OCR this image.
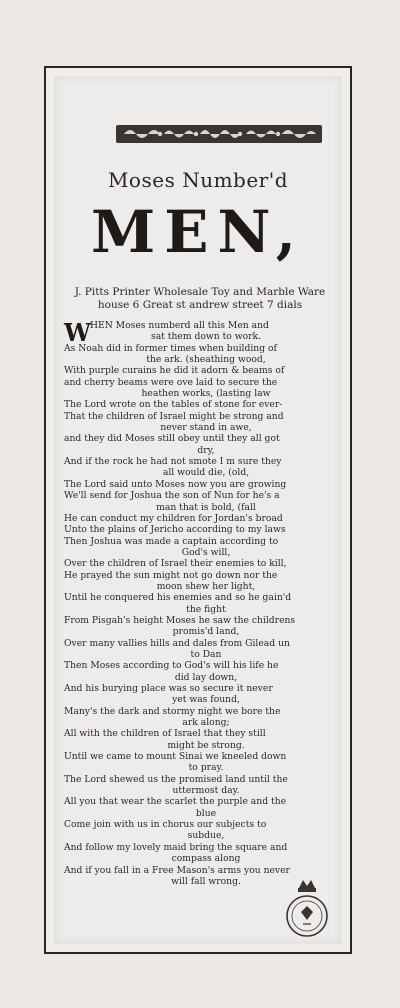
Moses Number'd
MEN,
J. Pitts Printer Wholesale Toy and Marble Ware
house 6 Great st andrew street 7 dials
W HEN Moses numberd all this Men and
sat them down to work.
As Noah did in former times when building of
the ark. (sheathing wood,
With purple curains he did it adorn & beams of
and cherry beams were ove laid to secure the
heathen works, (lasting law
The Lord wrote on the tables of stone for ever-
That the children of Israel might be strong and
never stand in awe,
and they did Moses still obey until they all got
dry,
And if the rock he had not smote I m sure they
all would die, (old,
The Lord said unto Moses now you are growing
We'll send for Joshua the son of Nun for he's a
man that is bold, (fall
He can conduct my children for Jordan's broad
Unto the plains of Jericho according to my laws
Then Joshua was made a captain according to
God's will,
Over the children of Israel their enemies to kill,
He prayed the sun might not go down nor the
moon shew her light,
Until he conquered his enemies and so he gain'd
the fight
From Pisgah's height Moses he saw the childrens
promis'd land,
Over many vallies hills and dales from Gilead un
to Dan
Then Moses according to God's will his life he
did lay down,
And his burying place was so secure it never
yet was found,
Many's the dark and stormy night we bore the
ark along;
All with the children of Israel that they still
might be strong.
Until we came to mount Sinai we kneeled down
to pray.
The Lord shewed us the promised land until the
uttermost day.
All you that wear the scarlet the purple and the
blue
Come join with us in chorus our subjects to
subdue,
And follow my lovely maid bring the square and
compass along
And if you fall in a Free Mason's arms you never
will fall wrong.
